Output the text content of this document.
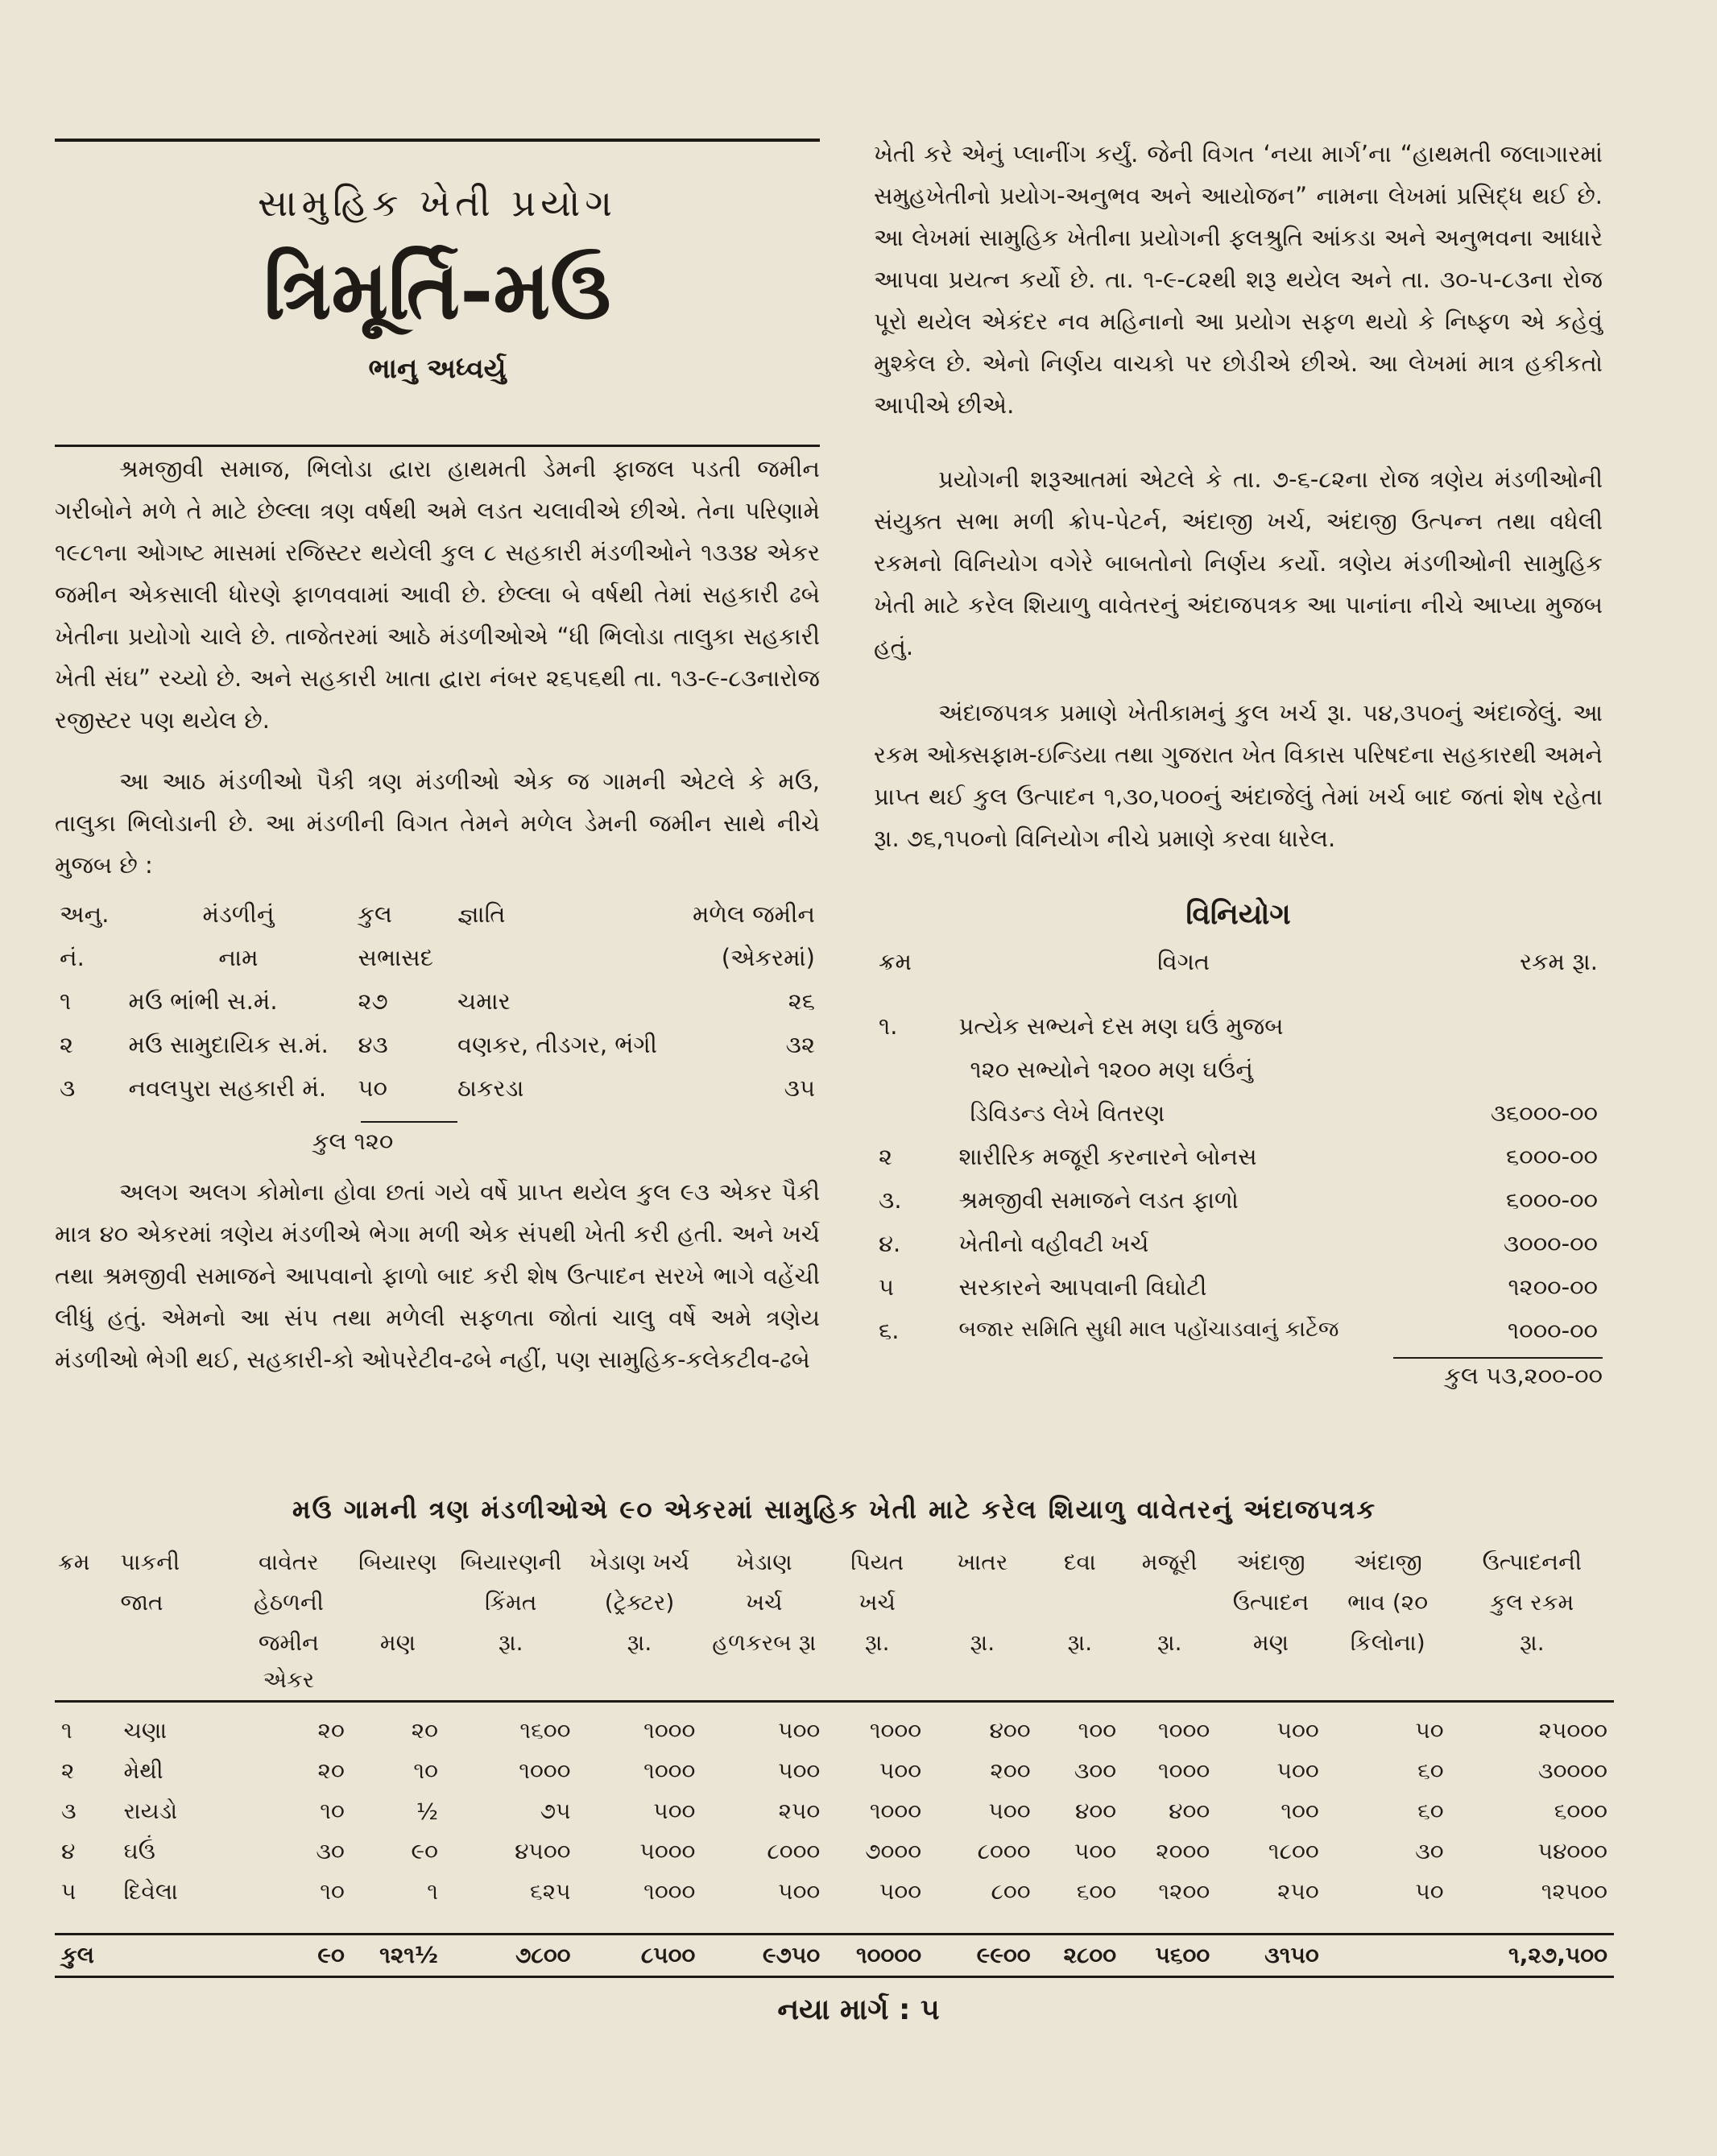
સામુહિક ખેતી પ્રયોગ
ત્રિમૂર્તિ-મઉ
ભાનુ અધ્વર્યુ

શ્રમજીવી સમાજ, ભિલોડા દ્વારા હાથમતી ડેમની ફાજલ પડતી જમીન ગરીબોને મળે તે માટે છેલ્લા ત્રણ વર્ષથી અમે લડત ચલાવીએ છીએ. તેના પરિણામે ૧૯૮૧ના ઓગષ્ટ માસમાં રજિસ્ટર થયેલી કુલ ૮ સહકારી મંડળીઓને ૧૩૩૪ એકર જમીન એકસાલી ધોરણે ફાળવવામાં આવી છે. છેલ્લા બે વર્ષથી તેમાં સહકારી ઢબે ખેતીના પ્રયોગો ચાલે છે. તાજેતરમાં આઠે મંડળીઓએ “ધી ભિલોડા તાલુકા સહકારી ખેતી સંઘ” રચ્યો છે. અને સહકારી ખાતા દ્વારા નંબર ૨૬૫૬થી તા. ૧૩-૯-૮૩નારોજ રજીસ્ટર પણ થયેલ છે.

આ આઠ મંડળીઓ પૈકી ત્રણ મંડળીઓ એક જ ગામની એટલે કે મઉ, તાલુકા ભિલોડાની છે. આ મંડળીની વિગત તેમને મળેલ ડેમની જમીન સાથે નીચે મુજબ છે :

અનુ.	મંડળીનું	કુલ	જ્ઞાતિ	મળેલ જમીન
નં.	નામ	સભાસદ		(એકરમાં)
૧	મઉ ભાંભી સ.મં.	૨૭	ચમાર	૨૬
૨	મઉ સામુદાયિક સ.મં.	૪૩	વણકર, તીડગર, ભંગી	૩૨
૩	નવલપુરા સહકારી મં.	૫૦	ઠાકરડા	૩૫
કુલ ૧૨૦

અલગ અલગ કોમોના હોવા છતાં ગયે વર્ષે પ્રાપ્ત થયેલ કુલ ૯૩ એકર પૈકી માત્ર ૪૦ એકરમાં ત્રણેય મંડળીએ ભેગા મળી એક સંપથી ખેતી કરી હતી. અને ખર્ચ તથા શ્રમજીવી સમાજને આપવાનો ફાળો બાદ કરી શેષ ઉત્પાદન સરખે ભાગે વહેંચી લીધું હતું. એમનો આ સંપ તથા મળેલી સફળતા જોતાં ચાલુ વર્ષે અમે ત્રણેય મંડળીઓ ભેગી થઈ, સહકારી-કો ઓપરેટીવ-ઢબે નહીં, પણ સામુહિક-કલેકટીવ-ઢબે

ખેતી કરે એનું પ્લાનીંગ કર્યું. જેની વિગત ‘નયા માર્ગ’ના “હાથમતી જલાગારમાં સમુહખેતીનો પ્રયોગ-અનુભવ અને આયોજન” નામના લેખમાં પ્રસિદ્ધ થઈ છે. આ લેખમાં સામુહિક ખેતીના પ્રયોગની ફલશ્રુતિ આંકડા અને અનુભવના આધારે આપવા પ્રયત્ન કર્યો છે. તા. ૧-૯-૮૨થી શરૂ થયેલ અને તા. ૩૦-૫-૮૩ના રોજ પૂરો થયેલ એકંદર નવ મહિનાનો આ પ્રયોગ સફળ થયો કે નિષ્ફળ એ કહેવું મુશ્કેલ છે. એનો નિર્ણય વાચકો પર છોડીએ છીએ. આ લેખમાં માત્ર હકીકતો આપીએ છીએ.

પ્રયોગની શરૂઆતમાં એટલે કે તા. ૭-૬-૮૨ના રોજ ત્રણેય મંડળીઓની સંયુક્ત સભા મળી ક્રોપ-પેટર્ન, અંદાજી ખર્ચ, અંદાજી ઉત્પન્ન તથા વધેલી રકમનો વિનિયોગ વગેરે બાબતોનો નિર્ણય કર્યો. ત્રણેય મંડળીઓની સામુહિક ખેતી માટે કરેલ શિયાળુ વાવેતરનું અંદાજપત્રક આ પાનાંના નીચે આપ્યા મુજબ હતું.

અંદાજપત્રક પ્રમાણે ખેતીકામનું કુલ ખર્ચ રૂા. ૫૪,૩૫૦નું અંદાજેલું. આ રકમ ઓક્સફામ-ઇન્ડિયા તથા ગુજરાત ખેત વિકાસ પરિષદના સહકારથી અમને પ્રાપ્ત થઈ કુલ ઉત્પાદન ૧,૩૦,૫૦૦નું અંદાજેલું તેમાં ખર્ચ બાદ જતાં શેષ રહેતા રૂા. ૭૬,૧૫૦નો વિનિયોગ નીચે પ્રમાણે કરવા ધારેલ.

વિનિયોગ
ક્રમ	વિગત	રકમ રૂા.

૧.	પ્રત્યેક સભ્યને દસ મણ ઘઉં મુજબ	
	૧૨૦ સભ્યોને ૧૨૦૦ મણ ઘઉંનું	
	ડિવિડન્ડ લેખે વિતરણ	૩૬૦૦૦-૦૦
૨	શારીરિક મજૂરી કરનારને બોનસ	૬૦૦૦-૦૦
૩.	શ્રમજીવી સમાજને લડત ફાળો	૬૦૦૦-૦૦
૪.	ખેતીનો વહીવટી ખર્ચ	૩૦૦૦-૦૦
૫	સરકારને આપવાની વિઘોટી	૧૨૦૦-૦૦
૬.	બજાર સમિતિ સુધી માલ પહોંચાડવાનું કાર્ટેજ	૧૦૦૦-૦૦
કુલ ૫૩,૨૦૦-૦૦
મઉ ગામની ત્રણ મંડળીઓએ ૯૦ એકરમાં સામુહિક ખેતી માટે કરેલ શિયાળુ વાવેતરનું અંદાજપત્રક
ક્રમ	પાકની	વાવેતર	બિયારણ	બિયારણની	ખેડાણ ખર્ચ	ખેડાણ	પિયત	ખાતર	દવા	મજૂરી	અંદાજી	અંદાજી	ઉત્પાદનની
	જાત	હેઠળની		કિંમત	(ટ્રેક્ટર)	ખર્ચ	ખર્ચ				ઉત્પાદન	ભાવ (૨૦	કુલ રકમ
		જમીન એકર	મણ	રૂા.	રૂા.	હળકરબ રૂા	રૂા.	રૂા.	રૂા.	રૂા.	મણ	કિલોના)	રૂા.
૧	ચણા	૨૦	૨૦	૧૬૦૦	૧૦૦૦	૫૦૦	૧૦૦૦	૪૦૦	૧૦૦	૧૦૦૦	૫૦૦	૫૦	૨૫૦૦૦
૨	મેથી	૨૦	૧૦	૧૦૦૦	૧૦૦૦	૫૦૦	૫૦૦	૨૦૦	૩૦૦	૧૦૦૦	૫૦૦	૬૦	૩૦૦૦૦
૩	રાયડો	૧૦	½	૭૫	૫૦૦	૨૫૦	૧૦૦૦	૫૦૦	૪૦૦	૪૦૦	૧૦૦	૬૦	૬૦૦૦
૪	ઘઉં	૩૦	૯૦	૪૫૦૦	૫૦૦૦	૮૦૦૦	૭૦૦૦	૮૦૦૦	૫૦૦	૨૦૦૦	૧૮૦૦	૩૦	૫૪૦૦૦
૫	દિવેલા	૧૦	૧	૬૨૫	૧૦૦૦	૫૦૦	૫૦૦	૮૦૦	૬૦૦	૧૨૦૦	૨૫૦	૫૦	૧૨૫૦૦

કુલ		૯૦	૧૨૧½	૭૮૦૦	૮૫૦૦	૯૭૫૦	૧૦૦૦૦	૯૯૦૦	૨૮૦૦	૫૬૦૦	૩૧૫૦		૧,૨૭,૫૦૦
નયા માર્ગ : ૫
